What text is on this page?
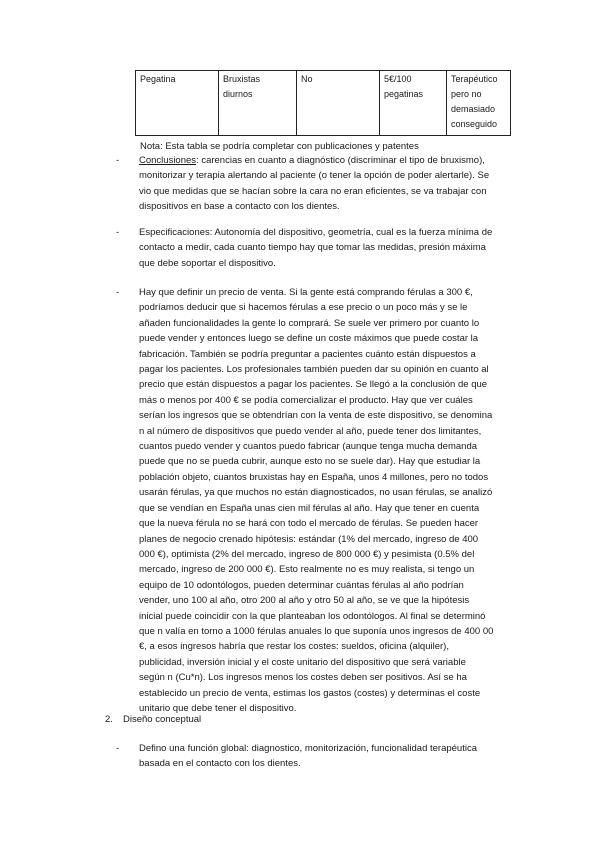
Pegatina	Bruxistas diurnos	No	5€/100 pegatinas	Terapéutico pero no demasiado conseguido
Nota: Esta tabla se podría completar con publicaciones y patentes
- Conclusiones: carencias en cuanto a diagnóstico (discriminar el tipo de bruxismo), monitorizar y terapia alertando al paciente (o tener la opción de poder alertarle). Se vio que medidas que se hacían sobre la cara no eran eficientes, se va trabajar con dispositivos en base a contacto con los dientes.
- Especificaciones: Autonomía del dispositivo, geometría, cual es la fuerza mínima de contacto a medir, cada cuanto tiempo hay que tomar las medidas, presión máxima que debe soportar el dispositivo.
- Hay que definir un precio de venta. Si la gente está comprando férulas a 300 €, podríamos deducir que si hacemos férulas a ese precio o un poco más y se le añaden funcionalidades la gente lo comprará. Se suele ver primero por cuanto lo puede vender y entonces luego se define un coste máximos que puede costar la fabricación. También se podría preguntar a pacientes cuánto están dispuestos a pagar los pacientes. Los profesionales también pueden dar su opinión en cuanto al precio que están dispuestos a pagar los pacientes. Se llegó a la conclusión de que más o menos por 400 € se podía comercializar el producto. Hay que ver cuáles serían los ingresos que se obtendrían con la venta de este dispositivo, se denomina n al número de dispositivos que puedo vender al año, puede tener dos limitantes, cuantos puedo vender y cuantos puedo fabricar (aunque tenga mucha demanda puede que no se pueda cubrir, aunque esto no se suele dar). Hay que estudiar la población objeto, cuantos bruxistas hay en España, unos 4 millones, pero no todos usarán férulas, ya que muchos no están diagnosticados, no usan férulas, se analizó que se vendían en España unas cien mil férulas al año. Hay que tener en cuenta que la nueva férula no se hará con todo el mercado de férulas. Se pueden hacer planes de negocio crenado hipótesis: estándar (1% del mercado, ingreso de 400 000 €), optimista (2% del mercado, ingreso de 800 000 €) y pesimista (0.5% del mercado, ingreso de 200 000 €). Esto realmente no es muy realista, si tengo un equipo de 10 odontólogos, pueden determinar cuántas férulas al año podrían vender, uno 100 al año, otro 200 al año y otro 50 al año, se ve que la hipótesis inicial puede coincidir con la que planteaban los odontólogos. Al final se determinó que n valía en torno a 1000 férulas anuales lo que suponía unos ingresos de 400 00 €, a esos ingresos habría que restar los costes: sueldos, oficina (alquiler), publicidad, inversión inicial y el coste unitario del dispositivo que será variable según n (Cu*n). Los ingresos menos los costes deben ser positivos. Así se ha establecido un precio de venta, estimas los gastos (costes) y determinas el coste unitario que debe tener el dispositivo.
2. Diseño conceptual
- Defino una función global: diagnostico, monitorización, funcionalidad terapéutica basada en el contacto con los dientes.
